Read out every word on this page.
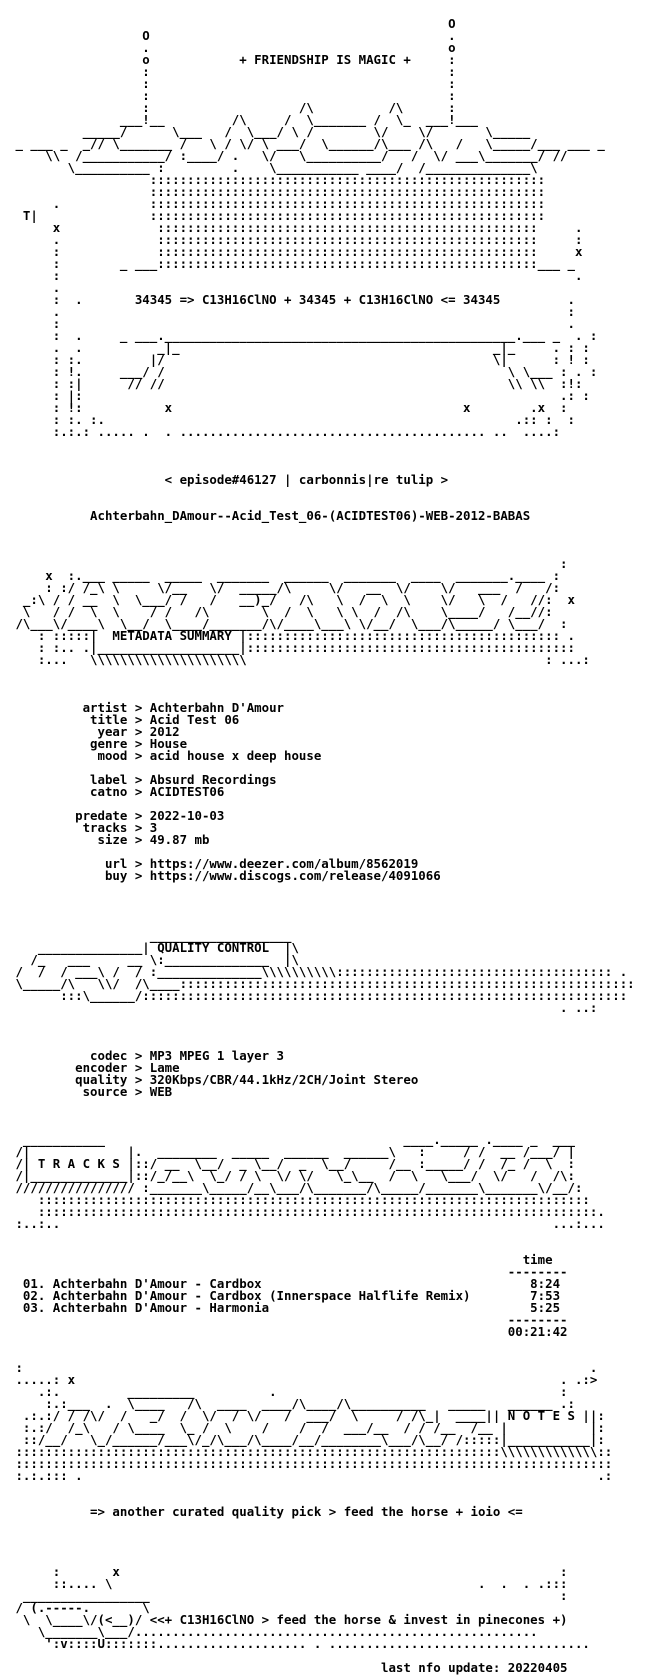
O
O                                        .
.                                        o
o            + FRIENDSHIP IS MAGIC +     :
:                                        :
:                                        :
:                                        :
:                    /\          /\      :
___!__         /\     /  \_______ /  \_  ___!___
_____/      \___   /  \___/ \ /        \/    \/       \_____
_ ___ _  _// \_______ /   \ / \/ \ ___/  \______/\___ /\   /   \_____/___ ___ _
\\  /___________/ :____/ .   \/   \__________/   /  \/ ___\_______/ //
\__________ :         .    \___________ ____/  /______________\
:::::::::::::::::::::::::::::::::::::::::::::::::::::
:::::::::::::::::::::::::::::::::::::::::::::::::::::
.            :::::::::::::::::::::::::::::::::::::::::::::::::::::
T|               :::::::::::::::::::::::::::::::::::::::::::::::::::::
x             :::::::::::::::::::::::::::::::::::::::::::::::::::     .
.             :::::::::::::::::::::::::::::::::::::::::::::::::::     :
:             :::::::::::::::::::::::::::::::::::::::::::::::::::     x
:        _ ___:::::::::::::::::::::::::::::::::::::::::::::::::::___ _
:                                                                     .
.
:  .       34345 => C13H16ClNO + 34345 + C13H16ClNO <= 34345         .
.                                                                    :
:                                                                    .
:  .     _ ___._______________________________________________.___ _  . :
.  .          _|_                                          _|_     . : :
: :.         |/                                            \|      : ! :
: !.     ___/ /                                              \ \___ : . :
: :|      // //                                              \\ \\  :!:
: |:                                                                .: :
: !:           x                                       x        .x  :
: :. :.                                                       .:: :  :
:.:.: ..... .  . ......................................... ..  ....:

< episode#46127 | carbonnis|re tulip >

Achterbahn_DAmour--Acid_Test_06-(ACIDTEST06)-WEB-2012-BABAS

:
x  :.___ _____  _____  _______  ______  _______  ____  _______.____ :
: :/ /_\ \     \/__   \/  _____/\     \/   __  \/    \/   ___  /   /:
_:\ / / __  \  \___/ /   /   __)_/   /\   \  /  \  \    \/   \  /   //:  x
\   / /  \  \    / /   /\       \  /  \   \ \  /  /\    \____/   /__//:
/\___\/____\  \__/  \____/_______/\/____\___\ \/__/  \___/\_____/ \___/  :
: :::::|  METADATA SUMMARY |:::::::::::::::::::::::::::::::::::::::::: .
: :.. .|___________________|::::::::::::::::::::::::::::::::::::::::::::
:...   \\\\\\\\\\\\\\\\\\\\\                                        : ...:

artist > Achterbahn D'Amour
title > Acid Test 06
year > 2012
genre > House
mood > acid house x deep house

label > Absurd Recordings
catno > ACIDTEST06

predate > 2022-10-03
tracks > 3
size > 49.87 mb

url > https://www.deezer.com/album/8562019
buy > https://www.discogs.com/release/4091066

___________________
______________| QUALITY CONTROL  |\
/_   ___     __ \:______________  |\
/  /  / ___\ /  / :______________\\\\\\\\\\::::::::::::::::::::::::::::::::::::: .
\_____/\   \\/  /\____:::::::::::::::::::::::::::::::::::::::::::::::::::::::::::::
:::\______/:::::::::::::::::::::::::::::::::::::::::::::::::::::::::::::::::
. ..:

codec > MP3 MPEG 1 layer 3
encoder > Lame
quality > 320Kbps/CBR/44.1kHz/2CH/Joint Stereo
source > WEB

___________                                        ____._____ .____ _  ___
/|             |.  ________  _____  ______  ______\   :     / /  __ /___/ |
/| T R A C K S |::/ __  \__/  _ \__/  _  \__/     /__ :_____/ /  /_ /  \  :
/|_____________|::/_/__\  \_/ / \  \/ \/   \_\__  /  \   \___/  \/   /  /\:
//////////////// :_______\_____/__\___/\_______/\_____/_______\_______\/__/:
::::::::::::::::::::::::::::::::::::::::::::::::::::::::::::::::::::::::::
:::::::::::::::::::::::::::::::::::::::::::::::::::::::::::::::::::::::::::.
:..:..                                                                  ...:...

time
--------
01. Achterbahn D'Amour - Cardbox                                    8:24
02. Achterbahn D'Amour - Cardbox (Innerspace Halflife Remix)        7:53
03. Achterbahn D'Amour - Harmonia                                   5:25
--------
00:21:42

:                                                                            .
.....: x                                                                 . .:>
.:.         _________          .                                      :
:.:___  .  \____   /\  ____  ____/\____/\__________   _____   ______ .:
.:.:/ / /\/  /   _/  /  \/  / \/   /  ___/  \     / /\_|  ____|| N O T E S ||:
:.:/  /_\   / \____  \_ /  \    /    /  /  ___/__  / / /__  /__ |           |:
::/__/   \_/______/___\/_/\___/\____/__/________\___/\__/ /:::::|___________|:
:::::::::::::::::::::::::::::::::::::::::::::::::::::::::::::::::\\\\\\\\\\\\\::
::::::::::::::::::::::::::::::::::::::::::::::::::::::::::::::::::::::::::::::::
:.:.::: .                                                                     .:

=> another curated quality pick > feed the horse + ioio <=

:       x                                                           :
::.... \                                                 .  .  . .:::
_________________                                                       :
/ (.-----.       \
\  \____\/(<__)/ <<+ C13H16ClNO > feed the horse & invest in pinecones +)
\_______\___/......................................................
':v::::U:::::::.................... . ...................................

last nfo update: 20220405
